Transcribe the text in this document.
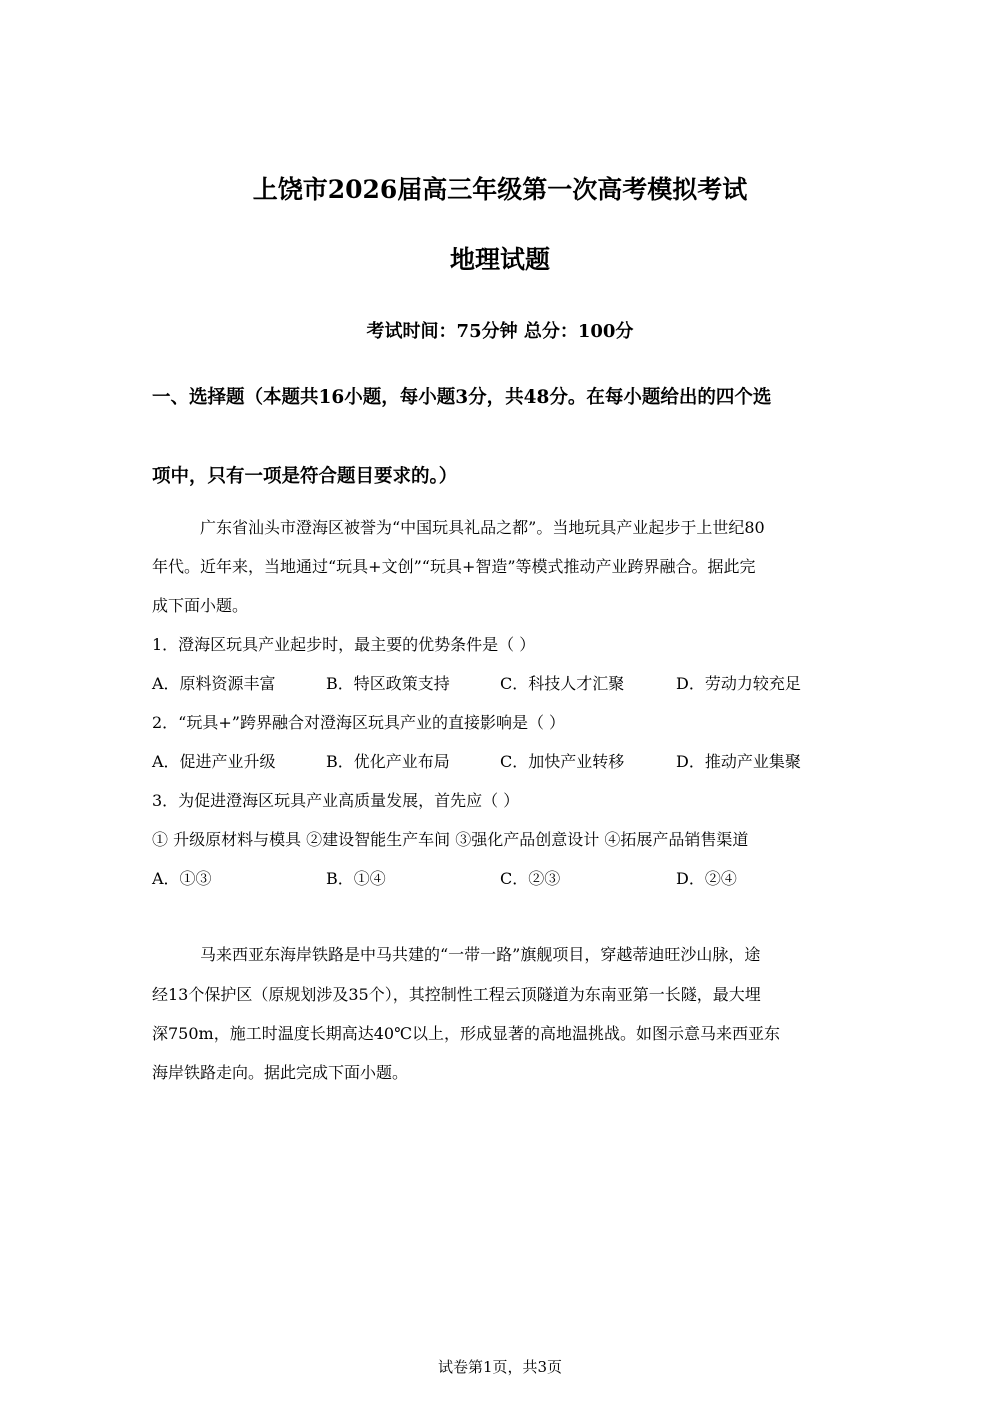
上饶市2026届高三年级第一次高考模拟考试
地理试题
考试时间：75分钟 总分：100分
一、选择题（本题共16小题，每小题3分，共48分。在每小题给出的四个选
项中，只有一项是符合题目要求的。）
广东省汕头市澄海区被誉为“中国玩具礼品之都”。当地玩具产业起步于上世纪80
年代。近年来，当地通过“玩具+文创”“玩具+智造”等模式推动产业跨界融合。据此完
成下面小题。
1．澄海区玩具产业起步时，最主要的优势条件是（ ）
A．原料资源丰富	B．特区政策支持	C．科技人才汇聚	D．劳动力较充足
2．“玩具+”跨界融合对澄海区玩具产业的直接影响是（ ）
A．促进产业升级	B．优化产业布局	C．加快产业转移	D．推动产业集聚
3．为促进澄海区玩具产业高质量发展，首先应（ ）
① 升级原材料与模具 ②建设智能生产车间 ③强化产品创意设计 ④拓展产品销售渠道
A．①③	B．①④	C．②③	D．②④
马来西亚东海岸铁路是中马共建的“一带一路”旗舰项目，穿越蒂迪旺沙山脉，途
经13个保护区（原规划涉及35个），其控制性工程云顶隧道为东南亚第一长隧，最大埋
深750m，施工时温度长期高达40℃以上，形成显著的高地温挑战。如图示意马来西亚东
海岸铁路走向。据此完成下面小题。
试卷第1页，共3页
